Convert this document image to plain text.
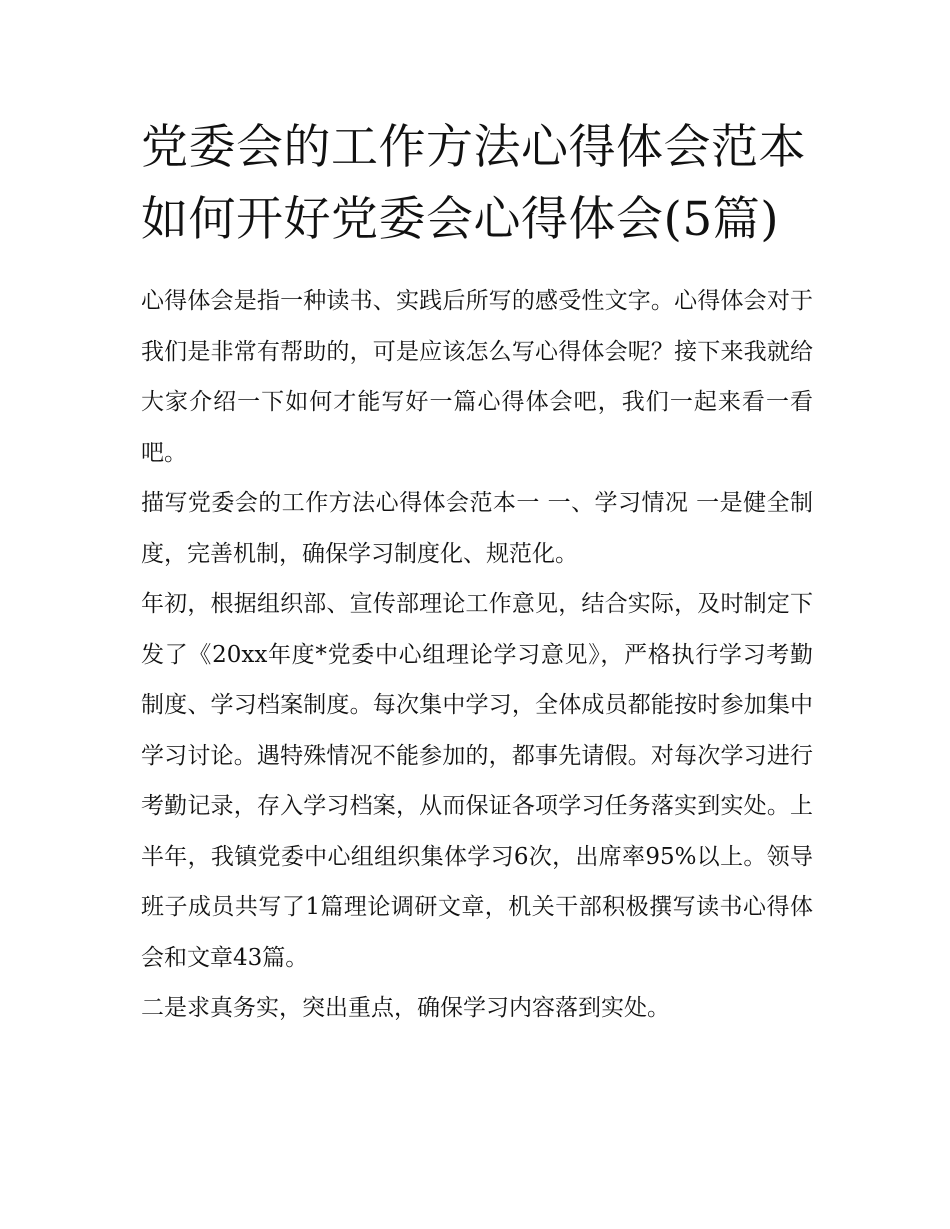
党委会的工作方法心得体会范本 如何开好党委会心得体会(5篇)

心得体会是指一种读书、实践后所写的感受性文字。心得体会对于我们是非常有帮助的，可是应该怎么写心得体会呢？接下来我就给大家介绍一下如何才能写好一篇心得体会吧，我们一起来看一看吧。

描写党委会的工作方法心得体会范本一 一、学习情况 一是健全制度，完善机制，确保学习制度化、规范化。

年初，根据组织部、宣传部理论工作意见，结合实际，及时制定下发了《20xx年度*党委中心组理论学习意见》，严格执行学习考勤制度、学习档案制度。每次集中学习，全体成员都能按时参加集中学习讨论。遇特殊情况不能参加的，都事先请假。对每次学习进行考勤记录，存入学习档案，从而保证各项学习任务落实到实处。上半年，我镇党委中心组组织集体学习6次，出席率95%以上。领导班子成员共写了1篇理论调研文章，机关干部积极撰写读书心得体会和文章43篇。

二是求真务实，突出重点，确保学习内容落到实处。
